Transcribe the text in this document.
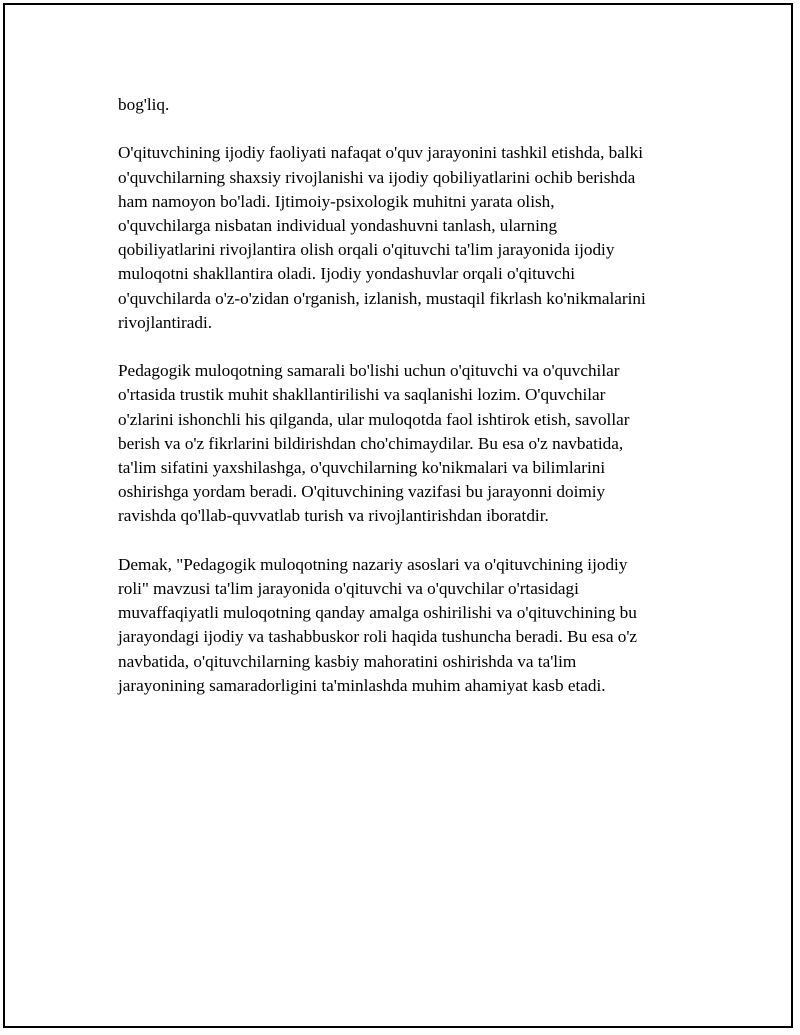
bog'liq.

O'qituvchining ijodiy faoliyati nafaqat o'quv jarayonini tashkil etishda, balki
o'quvchilarning shaxsiy rivojlanishi va ijodiy qobiliyatlarini ochib berishda
ham namoyon bo'ladi. Ijtimoiy-psixologik muhitni yarata olish,
o'quvchilarga nisbatan individual yondashuvni tanlash, ularning
qobiliyatlarini rivojlantira olish orqali o'qituvchi ta'lim jarayonida ijodiy
muloqotni shakllantira oladi. Ijodiy yondashuvlar orqali o'qituvchi
o'quvchilarda o'z-o'zidan o'rganish, izlanish, mustaqil fikrlash ko'nikmalarini
rivojlantiradi.

Pedagogik muloqotning samarali bo'lishi uchun o'qituvchi va o'quvchilar
o'rtasida trustik muhit shakllantirilishi va saqlanishi lozim. O'quvchilar
o'zlarini ishonchli his qilganda, ular muloqotda faol ishtirok etish, savollar
berish va o'z fikrlarini bildirishdan cho'chimaydilar. Bu esa o'z navbatida,
ta'lim sifatini yaxshilashga, o'quvchilarning ko'nikmalari va bilimlarini
oshirishga yordam beradi. O'qituvchining vazifasi bu jarayonni doimiy
ravishda qo'llab-quvvatlab turish va rivojlantirishdan iboratdir.

Demak, "Pedagogik muloqotning nazariy asoslari va o'qituvchining ijodiy
roli" mavzusi ta'lim jarayonida o'qituvchi va o'quvchilar o'rtasidagi
muvaffaqiyatli muloqotning qanday amalga oshirilishi va o'qituvchining bu
jarayondagi ijodiy va tashabbuskor roli haqida tushuncha beradi. Bu esa o'z
navbatida, o'qituvchilarning kasbiy mahoratini oshirishda va ta'lim
jarayonining samaradorligini ta'minlashda muhim ahamiyat kasb etadi.
